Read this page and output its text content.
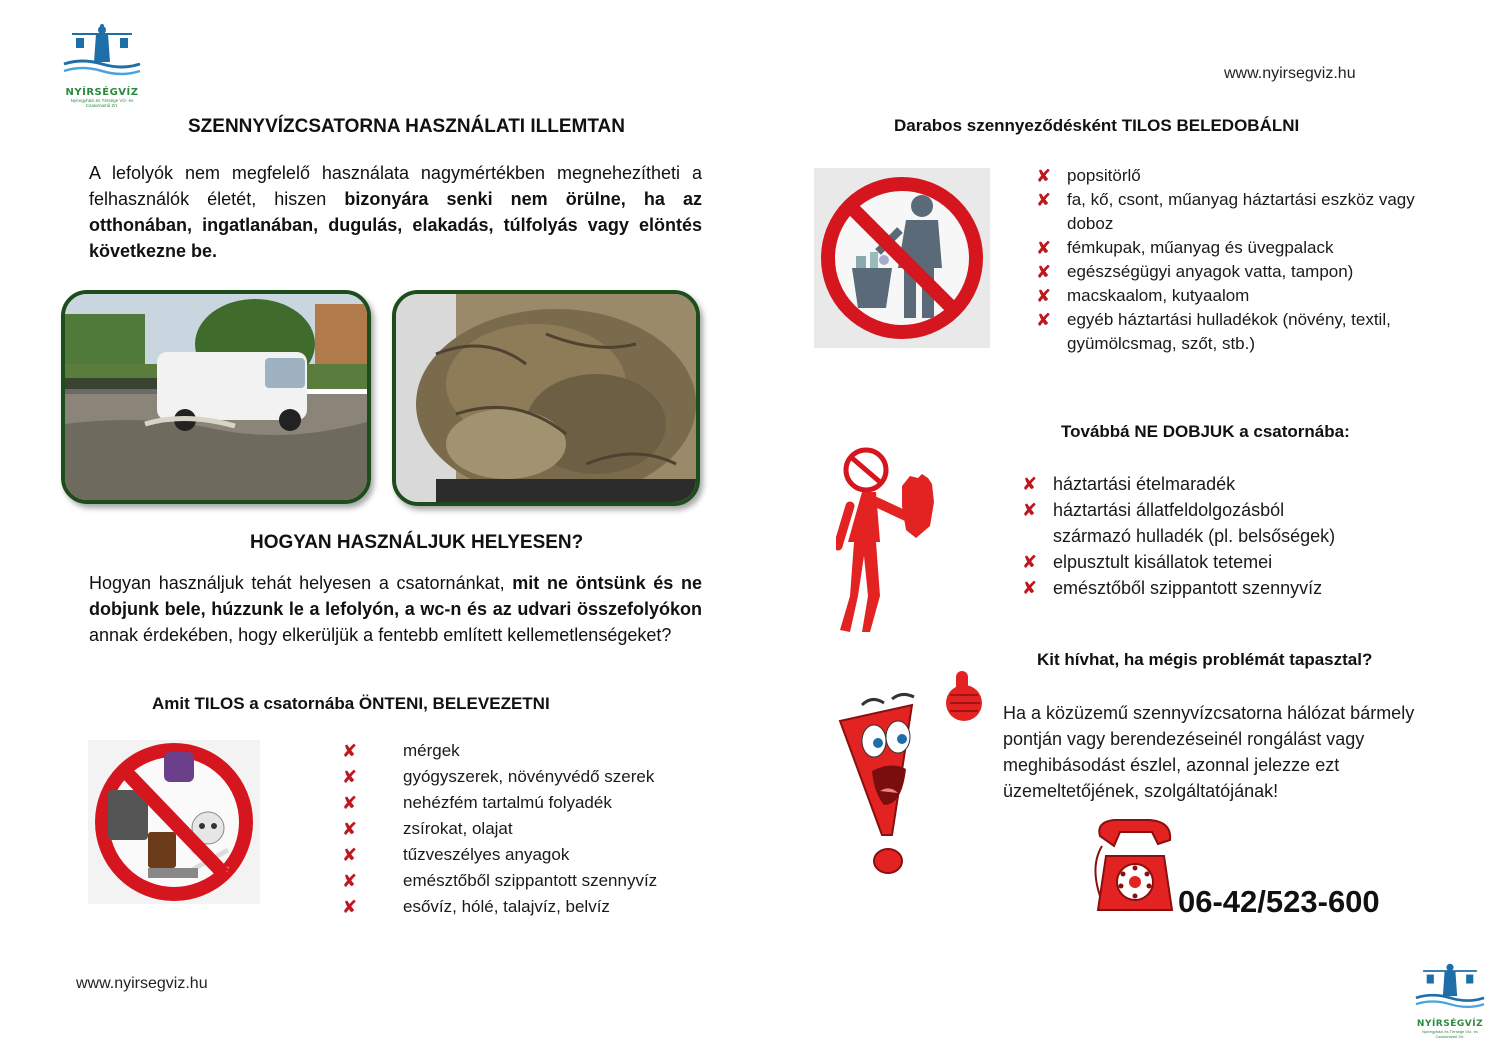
NYÍRSÉGVÍZ
Nyíregyházi és Térsége Víz- és Csatornamű Zrt.
www.nyirsegviz.hu
SZENNYVÍZCSATORNA HASZNÁLATI ILLEMTAN

A lefolyók nem megfelelő használata nagymértékben megnehezítheti a felhasználók életét, hiszen bizonyára senki nem örülne, ha az otthonában, ingatlanában, dugulás, elakadás, túlfolyás vagy elöntés következne be.

HOGYAN HASZNÁLJUK HELYESEN?

Hogyan használjuk tehát helyesen a csatornánkat, mit ne öntsünk és ne dobjunk bele, húzzunk le a lefolyón, a wc-n és az udvari összefolyókon annak érdekében, hogy elkerüljük a fentebb említett kellemetlenségeket?

Amit TILOS a csatornába ÖNTENI, BELEVEZETNI
✘	mérgek
✘	gyógyszerek, növényvédő szerek
✘	nehézfém tartalmú folyadék
✘	zsírokat, olajat
✘	tűzveszélyes anyagok
✘	emésztőből szippantott szennyvíz
✘	esővíz, hólé, talajvíz, belvíz
www.nyirsegviz.hu
Darabos szennyeződésként TILOS BELEDOBÁLNI
✘ popsitörlő
✘ fa, kő, csont, műanyag háztartási eszköz vagy doboz
✘ fémkupak, műanyag és üvegpalack
✘ egészségügyi anyagok vatta, tampon)
✘ macskaalom, kutyaalom
✘ egyéb háztartási hulladékok (növény, textil, gyümölcsmag, szőt, stb.)
Továbbá NE DOBJUK a csatornába:
✘ háztartási ételmaradék
✘ háztartási állatfeldolgozásból származó hulladék (pl. belsőségek)
✘ elpusztult kisállatok tetemei
✘ emésztőből szippantott szennyvíz
Kit hívhat, ha mégis problémát tapasztal?

Ha a közüzemű szennyvízcsatorna hálózat bármely pontján vagy berendezéseinél rongálást vagy meghibásodást észlel, azonnal jelezze ezt üzemeltetőjének, szolgáltatójának!

06-42/523-600
NYÍRSÉGVÍZ
Nyíregyházi és Térsége Víz- és Csatornamű Zrt.
